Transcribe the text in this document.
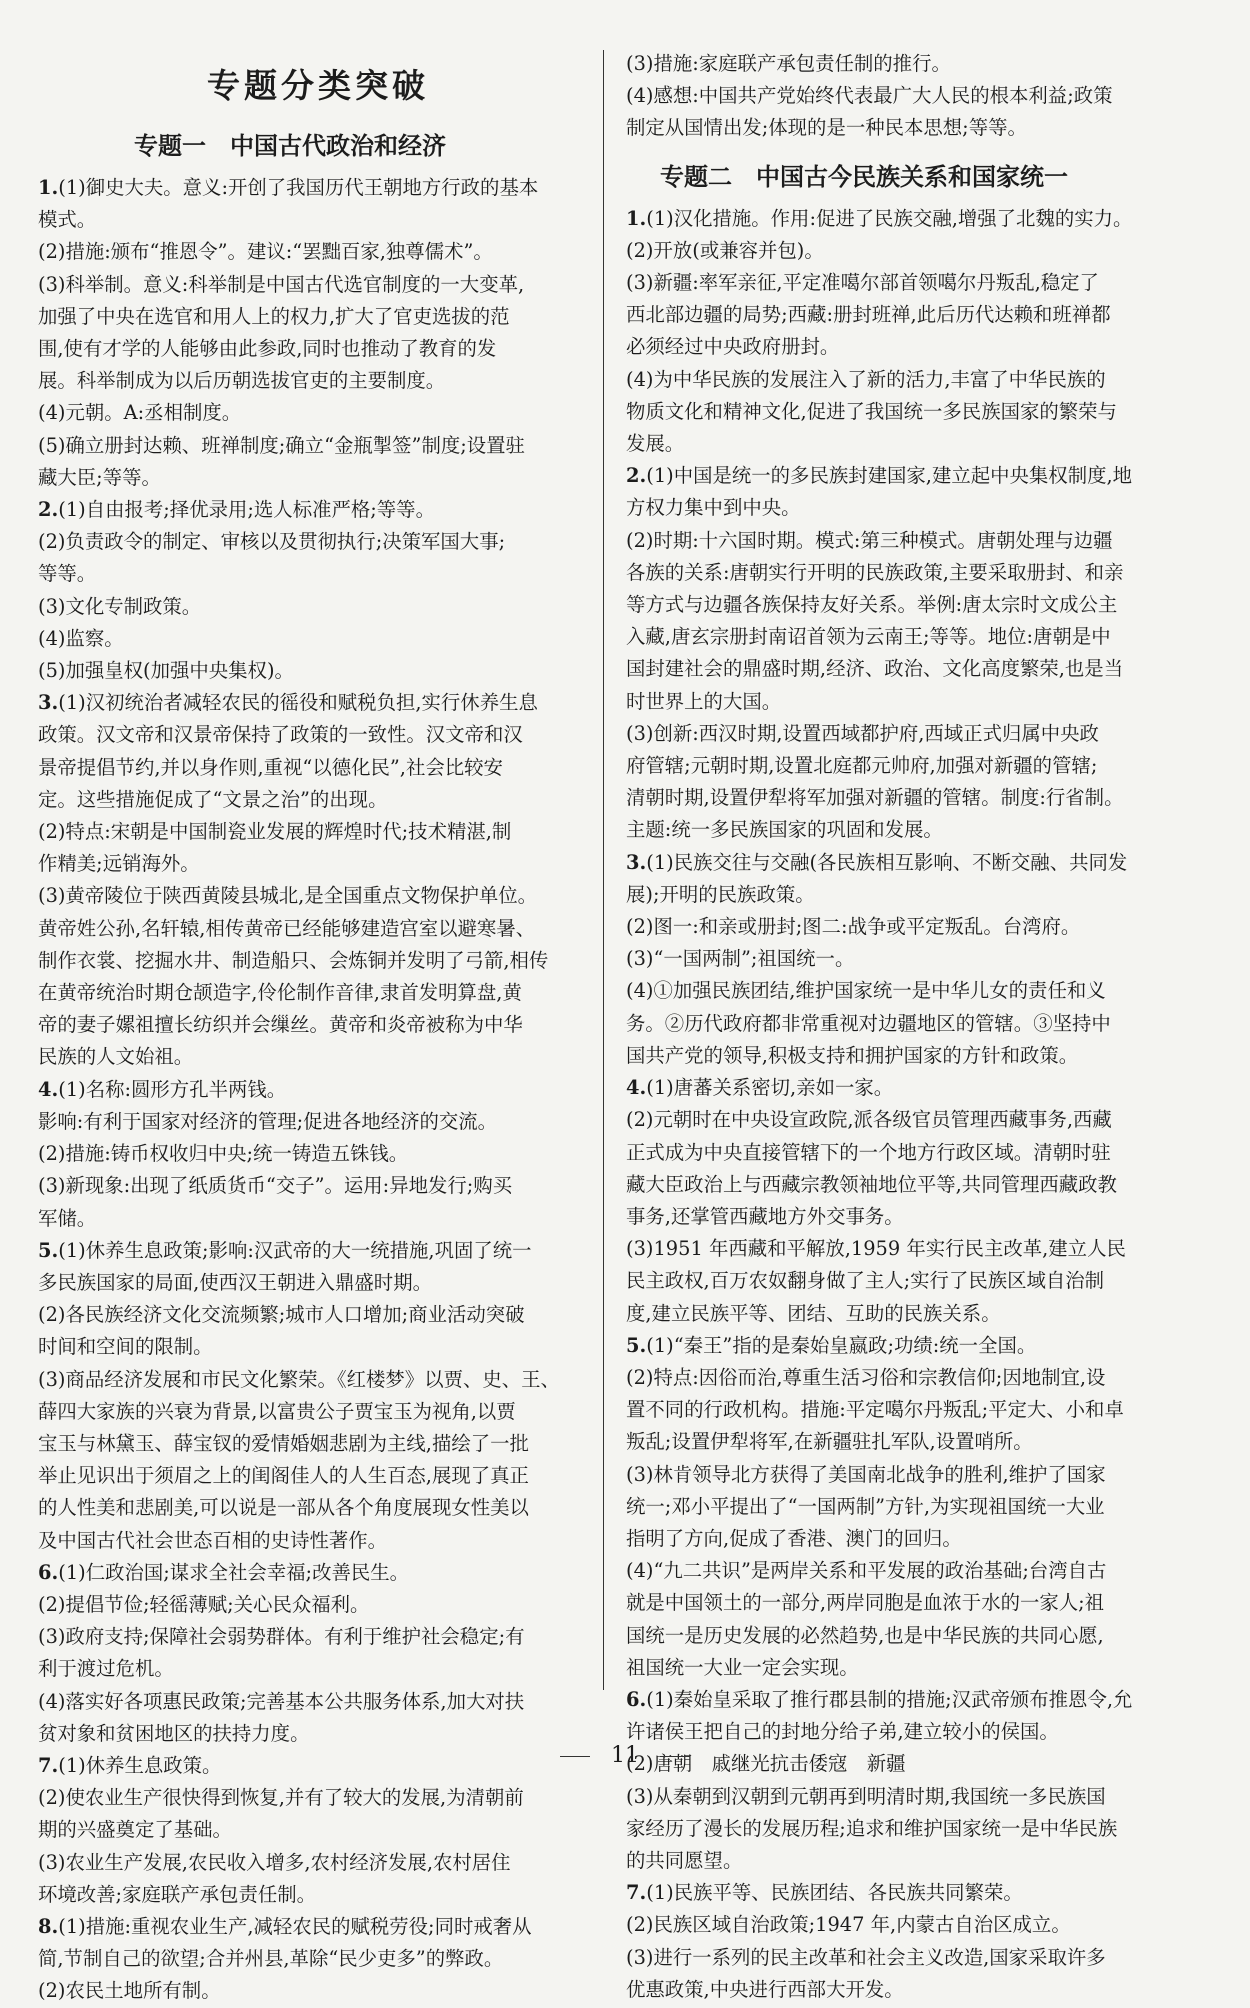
专题分类突破
专题一　中国古代政治和经济
1.(1)御史大夫。意义:开创了我国历代王朝地方行政的基本
模式。
(2)措施:颁布“推恩令”。建议:“罢黜百家,独尊儒术”。
(3)科举制。意义:科举制是中国古代选官制度的一大变革,
加强了中央在选官和用人上的权力,扩大了官吏选拔的范
围,使有才学的人能够由此参政,同时也推动了教育的发
展。科举制成为以后历朝选拔官吏的主要制度。
(4)元朝。A:丞相制度。
(5)确立册封达赖、班禅制度;确立“金瓶掣签”制度;设置驻
藏大臣;等等。
2.(1)自由报考;择优录用;选人标准严格;等等。
(2)负责政令的制定、审核以及贯彻执行;决策军国大事;
等等。
(3)文化专制政策。
(4)监察。
(5)加强皇权(加强中央集权)。
3.(1)汉初统治者减轻农民的徭役和赋税负担,实行休养生息
政策。汉文帝和汉景帝保持了政策的一致性。汉文帝和汉
景帝提倡节约,并以身作则,重视“以德化民”,社会比较安
定。这些措施促成了“文景之治”的出现。
(2)特点:宋朝是中国制瓷业发展的辉煌时代;技术精湛,制
作精美;远销海外。
(3)黄帝陵位于陕西黄陵县城北,是全国重点文物保护单位。
黄帝姓公孙,名轩辕,相传黄帝已经能够建造宫室以避寒暑、
制作衣裳、挖掘水井、制造船只、会炼铜并发明了弓箭,相传
在黄帝统治时期仓颉造字,伶伦制作音律,隶首发明算盘,黄
帝的妻子嫘祖擅长纺织并会缫丝。黄帝和炎帝被称为中华
民族的人文始祖。
4.(1)名称:圆形方孔半两钱。
影响:有利于国家对经济的管理;促进各地经济的交流。
(2)措施:铸币权收归中央;统一铸造五铢钱。
(3)新现象:出现了纸质货币“交子”。运用:异地发行;购买
军储。
5.(1)休养生息政策;影响:汉武帝的大一统措施,巩固了统一
多民族国家的局面,使西汉王朝进入鼎盛时期。
(2)各民族经济文化交流频繁;城市人口增加;商业活动突破
时间和空间的限制。
(3)商品经济发展和市民文化繁荣。《红楼梦》以贾、史、王、
薛四大家族的兴衰为背景,以富贵公子贾宝玉为视角,以贾
宝玉与林黛玉、薛宝钗的爱情婚姻悲剧为主线,描绘了一批
举止见识出于须眉之上的闺阁佳人的人生百态,展现了真正
的人性美和悲剧美,可以说是一部从各个角度展现女性美以
及中国古代社会世态百相的史诗性著作。
6.(1)仁政治国;谋求全社会幸福;改善民生。
(2)提倡节俭;轻徭薄赋;关心民众福利。
(3)政府支持;保障社会弱势群体。有利于维护社会稳定;有
利于渡过危机。
(4)落实好各项惠民政策;完善基本公共服务体系,加大对扶
贫对象和贫困地区的扶持力度。
7.(1)休养生息政策。
(2)使农业生产很快得到恢复,并有了较大的发展,为清朝前
期的兴盛奠定了基础。
(3)农业生产发展,农民收入增多,农村经济发展,农村居住
环境改善;家庭联产承包责任制。
8.(1)措施:重视农业生产,减轻农民的赋税劳役;同时戒奢从
简,节制自己的欲望;合并州县,革除“民少吏多”的弊政。
(2)农民土地所有制。
(3)措施:家庭联产承包责任制的推行。
(4)感想:中国共产党始终代表最广大人民的根本利益;政策
制定从国情出发;体现的是一种民本思想;等等。
专题二　中国古今民族关系和国家统一
1.(1)汉化措施。作用:促进了民族交融,增强了北魏的实力。
(2)开放(或兼容并包)。
(3)新疆:率军亲征,平定准噶尔部首领噶尔丹叛乱,稳定了
西北部边疆的局势;西藏:册封班禅,此后历代达赖和班禅都
必须经过中央政府册封。
(4)为中华民族的发展注入了新的活力,丰富了中华民族的
物质文化和精神文化,促进了我国统一多民族国家的繁荣与
发展。
2.(1)中国是统一的多民族封建国家,建立起中央集权制度,地
方权力集中到中央。
(2)时期:十六国时期。模式:第三种模式。唐朝处理与边疆
各族的关系:唐朝实行开明的民族政策,主要采取册封、和亲
等方式与边疆各族保持友好关系。举例:唐太宗时文成公主
入藏,唐玄宗册封南诏首领为云南王;等等。地位:唐朝是中
国封建社会的鼎盛时期,经济、政治、文化高度繁荣,也是当
时世界上的大国。
(3)创新:西汉时期,设置西域都护府,西域正式归属中央政
府管辖;元朝时期,设置北庭都元帅府,加强对新疆的管辖;
清朝时期,设置伊犁将军加强对新疆的管辖。制度:行省制。
主题:统一多民族国家的巩固和发展。
3.(1)民族交往与交融(各民族相互影响、不断交融、共同发
展);开明的民族政策。
(2)图一:和亲或册封;图二:战争或平定叛乱。台湾府。
(3)“一国两制”;祖国统一。
(4)①加强民族团结,维护国家统一是中华儿女的责任和义
务。②历代政府都非常重视对边疆地区的管辖。③坚持中
国共产党的领导,积极支持和拥护国家的方针和政策。
4.(1)唐蕃关系密切,亲如一家。
(2)元朝时在中央设宣政院,派各级官员管理西藏事务,西藏
正式成为中央直接管辖下的一个地方行政区域。清朝时驻
藏大臣政治上与西藏宗教领袖地位平等,共同管理西藏政教
事务,还掌管西藏地方外交事务。
(3)1951 年西藏和平解放,1959 年实行民主改革,建立人民
民主政权,百万农奴翻身做了主人;实行了民族区域自治制
度,建立民族平等、团结、互助的民族关系。
5.(1)“秦王”指的是秦始皇嬴政;功绩:统一全国。
(2)特点:因俗而治,尊重生活习俗和宗教信仰;因地制宜,设
置不同的行政机构。措施:平定噶尔丹叛乱;平定大、小和卓
叛乱;设置伊犁将军,在新疆驻扎军队,设置哨所。
(3)林肯领导北方获得了美国南北战争的胜利,维护了国家
统一;邓小平提出了“一国两制”方针,为实现祖国统一大业
指明了方向,促成了香港、澳门的回归。
(4)“九二共识”是两岸关系和平发展的政治基础;台湾自古
就是中国领土的一部分,两岸同胞是血浓于水的一家人;祖
国统一是历史发展的必然趋势,也是中华民族的共同心愿,
祖国统一大业一定会实现。
6.(1)秦始皇采取了推行郡县制的措施;汉武帝颁布推恩令,允
许诸侯王把自己的封地分给子弟,建立较小的侯国。
(2)唐朝　戚继光抗击倭寇　新疆
(3)从秦朝到汉朝到元朝再到明清时期,我国统一多民族国
家经历了漫长的发展历程;追求和维护国家统一是中华民族
的共同愿望。
7.(1)民族平等、民族团结、各民族共同繁荣。
(2)民族区域自治政策;1947 年,内蒙古自治区成立。
(3)进行一系列的民主改革和社会主义改造,国家采取许多
优惠政策,中央进行西部大开发。
11
